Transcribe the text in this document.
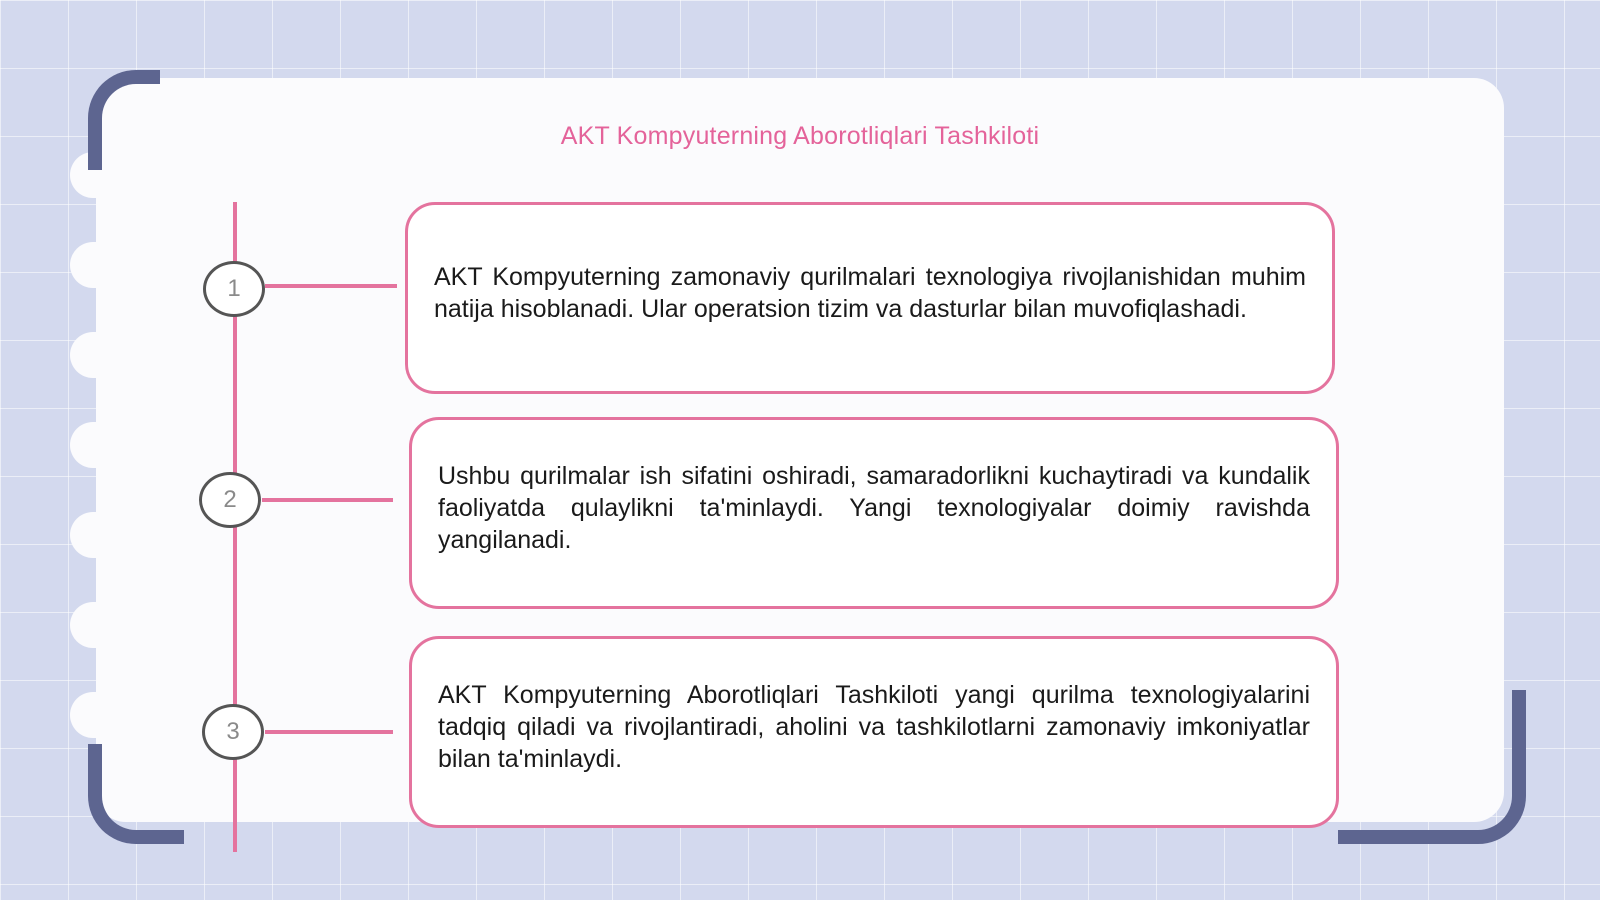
AKT Kompyuterning Aborotliqlari Tashkiloti
1	AKT Kompyuterning zamonaviy qurilmalari texnologiya rivojlanishidan muhim natija hisoblanadi. Ular operatsion tizim va dasturlar bilan muvofiqlashadi.

2

Ushbu qurilmalar ish sifatini oshiradi, samaradorlikni kuchaytiradi va kundalik faoliyatda qulaylikni ta'minlaydi. Yangi texnologiyalar doimiy ravishda yangilanadi.

3

AKT Kompyuterning Aborotliqlari Tashkiloti yangi qurilma texnologiyalarini tadqiq qiladi va rivojlantiradi, aholini va tashkilotlarni zamonaviy imkoniyatlar bilan ta'minlaydi.
